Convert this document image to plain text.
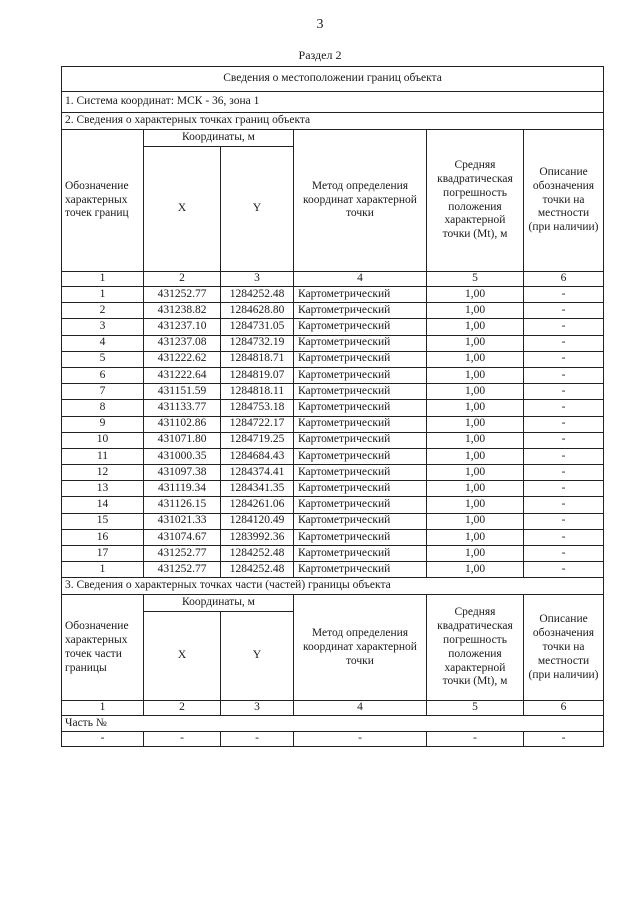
3
Раздел 2
Сведения о местоположении границ объекта					
1. Система координат: МСК - 36, зона 1					
2. Сведения о характерных точках границ объекта					
Обозначение характерных точек границ	Координаты, м		Метод определения координат характерной точки	Средняя квадратическая погрешность положения характерной точки (Mt), м	Описание обозначения точки на местности (при наличии)
	X	Y			
1	2	3	4	5	6
1	431252.77	1284252.48	Картометрический	1,00	-
2	431238.82	1284628.80	Картометрический	1,00	-
3	431237.10	1284731.05	Картометрический	1,00	-
4	431237.08	1284732.19	Картометрический	1,00	-
5	431222.62	1284818.71	Картометрический	1,00	-
6	431222.64	1284819.07	Картометрический	1,00	-
7	431151.59	1284818.11	Картометрический	1,00	-
8	431133.77	1284753.18	Картометрический	1,00	-
9	431102.86	1284722.17	Картометрический	1,00	-
10	431071.80	1284719.25	Картометрический	1,00	-
11	431000.35	1284684.43	Картометрический	1,00	-
12	431097.38	1284374.41	Картометрический	1,00	-
13	431119.34	1284341.35	Картометрический	1,00	-
14	431126.15	1284261.06	Картометрический	1,00	-
15	431021.33	1284120.49	Картометрический	1,00	-
16	431074.67	1283992.36	Картометрический	1,00	-
17	431252.77	1284252.48	Картометрический	1,00	-
1	431252.77	1284252.48	Картометрический	1,00	-
3. Сведения о характерных точках части (частей) границы объекта					
Обозначение характерных точек части границы	Координаты, м		Метод определения координат характерной точки	Средняя квадратическая погрешность положения характерной точки (Mt), м	Описание обозначения точки на местности (при наличии)
	X	Y			
1	2	3	4	5	6
Часть №					
-	-	-	-	-	-
